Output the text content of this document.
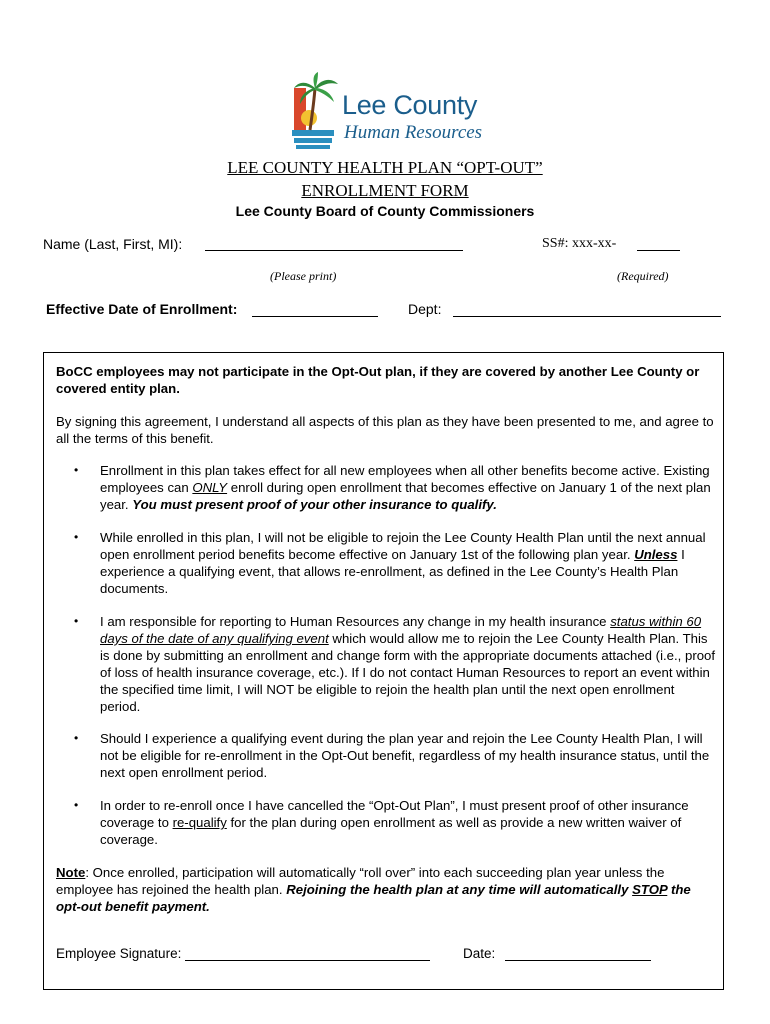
Lee County
Human Resources
LEE COUNTY HEALTH PLAN “OPT-OUT”
ENROLLMENT FORM
Lee County Board of County Commissioners
Name (Last, First, MI):
(Please print)
SS#: xxx-xx-
(Required)
Effective Date of Enrollment:	Dept:
BoCC employees may not participate in the Opt-Out plan, if they are covered by another Lee County or covered entity plan.
By signing this agreement, I understand all aspects of this plan as they have been presented to me, and agree to all the terms of this benefit.
• Enrollment in this plan takes effect for all new employees when all other benefits become active. Existing employees can ONLY enroll during open enrollment that becomes effective on January 1 of the next plan year. You must present proof of your other insurance to qualify.
• While enrolled in this plan, I will not be eligible to rejoin the Lee County Health Plan until the next annual open enrollment period benefits become effective on January 1st of the following plan year. Unless I experience a qualifying event, that allows re-enrollment, as defined in the Lee County’s Health Plan documents.
• I am responsible for reporting to Human Resources any change in my health insurance status within 60 days of the date of any qualifying event which would allow me to rejoin the Lee County Health Plan. This is done by submitting an enrollment and change form with the appropriate documents attached (i.e., proof of loss of health insurance coverage, etc.). If I do not contact Human Resources to report an event within the specified time limit, I will NOT be eligible to rejoin the health plan until the next open enrollment period.
• Should I experience a qualifying event during the plan year and rejoin the Lee County Health Plan, I will not be eligible for re-enrollment in the Opt-Out benefit, regardless of my health insurance status, until the next open enrollment period.
• In order to re-enroll once I have cancelled the “Opt-Out Plan”, I must present proof of other insurance coverage to re-qualify for the plan during open enrollment as well as provide a new written waiver of coverage.
Note: Once enrolled, participation will automatically “roll over” into each succeeding plan year unless the employee has rejoined the health plan. Rejoining the health plan at any time will automatically STOP the opt-out benefit payment.
Employee Signature:	Date:
